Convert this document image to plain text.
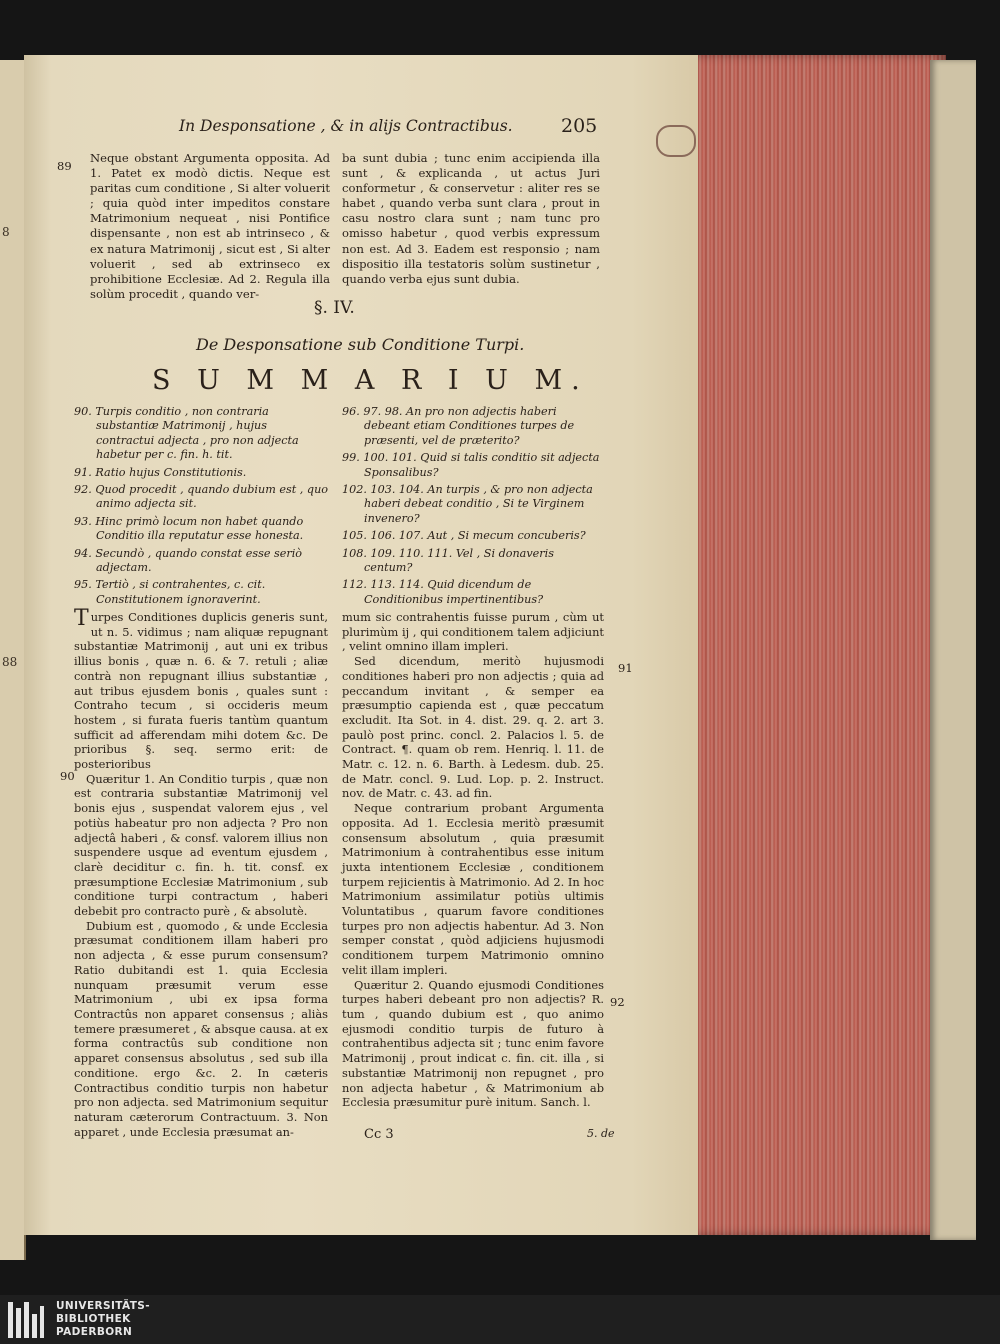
8
88
In Desponsatione , & in alijs Contractibus.	205
89

Neque obstant Argumenta opposita. Ad 1. Patet ex modò dictis. Neque est paritas cum conditione , Si alter voluerit ; quia quòd inter impeditos constare Matrimonium nequeat , nisi Pontifice dispensante , non est ab intrinseco , & ex natura Matrimonij , sicut est , Si alter voluerit , sed ab extrinseco ex prohibitione Ecclesiæ. Ad 2. Regula illa solùm procedit , quando ver-

ba sunt dubia ; tunc enim accipienda illa sunt , & explicanda , ut actus Juri conformetur , & conservetur : aliter res se habet , quando verba sunt clara , prout in casu nostro clara sunt ; nam tunc pro omisso habetur , quod verbis expressum non est. Ad 3. Eadem est responsio ; nam dispositio illa testatoris solùm sustinetur , quando verba ejus sunt dubia.

§. IV.
De Desponsatione sub Conditione Turpi.
S U M M A R I U M.
90. Turpis conditio , non contraria substantiæ Matrimonij , hujus contractui adjecta , pro non adjecta habetur per c. fin. h. tit.
91. Ratio hujus Constitutionis.
92. Quod procedit , quando dubium est , quo animo adjecta sit.
93. Hinc primò locum non habet quando Conditio illa reputatur esse honesta.
94. Secundò , quando constat esse seriò adjectam.
95. Tertiò , si contrahentes, c. cit. Constitutionem ignoraverint.
96. 97. 98. An pro non adjectis haberi debeant etiam Conditiones turpes de præsenti, vel de præterito?
99. 100. 101. Quid si talis conditio sit adjecta Sponsalibus?
102. 103. 104. An turpis , & pro non adjecta haberi debeat conditio , Si te Virginem invenero?
105. 106. 107. Aut , Si mecum concuberis?
108. 109. 110. 111. Vel , Si donaveris centum?
112. 113. 114. Quid dicendum de Conditionibus impertinentibus?
90

Turpes Conditiones duplicis generis sunt, ut n. 5. vidimus ; nam aliquæ repugnant substantiæ Matrimonij , aut uni ex tribus illius bonis , quæ n. 6. & 7. retuli ; aliæ contrà non repugnant illius substantiæ , aut tribus ejusdem bonis , quales sunt : Contraho tecum , si occideris meum hostem , si furata fueris tantùm quantum sufficit ad afferendam mihi dotem &c. De prioribus §. seq. sermo erit: de posterioribus

Quæritur 1. An Conditio turpis , quæ non est contraria substantiæ Matrimonij vel bonis ejus , suspendat valorem ejus , vel potiùs habeatur pro non adjecta ? Pro non adjectâ haberi , & consf. valorem illius non suspendere usque ad eventum ejusdem , clarè deciditur c. fin. h. tit. consf. ex præsumptione Ecclesiæ Matrimonium , sub conditione turpi contractum , haberi debebit pro contracto purè , & absolutè.

Dubium est , quomodo , & unde Ecclesia præsumat conditionem illam haberi pro non adjecta , & esse purum consensum? Ratio dubitandi est 1. quia Ecclesia nunquam præsumit verum esse Matrimonium , ubi ex ipsa forma Contractûs non apparet consensus ; aliàs temere præsumeret , & absque causa. at ex forma contractûs sub conditione non apparet consensus absolutus , sed sub illa conditione. ergo &c. 2. In cæteris Contractibus conditio turpis non habetur pro non adjecta. sed Matrimonium sequitur naturam cæterorum Contractuum. 3. Non apparet , unde Ecclesia præsumat an-

91
92

mum sic contrahentis fuisse purum , cùm ut plurimùm ij , qui conditionem talem adjiciunt , velint omnino illam impleri.

Sed dicendum, meritò hujusmodi conditiones haberi pro non adjectis ; quia ad peccandum invitant , & semper ea præsumptio capienda est , quæ peccatum excludit. Ita Sot. in 4. dist. 29. q. 2. art 3. paulò post princ. concl. 2. Palacios l. 5. de Contract. ¶. quam ob rem. Henriq. l. 11. de Matr. c. 12. n. 6. Barth. à Ledesm. dub. 25. de Matr. concl. 9. Lud. Lop. p. 2. Instruct. nov. de Matr. c. 43. ad fin.

Neque contrarium probant Argumenta opposita. Ad 1. Ecclesia meritò præsumit consensum absolutum , quia præsumit Matrimonium à contrahentibus esse initum juxta intentionem Ecclesiæ , conditionem turpem rejicientis à Matrimonio. Ad 2. In hoc Matrimonium assimilatur potiùs ultimis Voluntatibus , quarum favore conditiones turpes pro non adjectis habentur. Ad 3. Non semper constat , quòd adjiciens hujusmodi conditionem turpem Matrimonio omnino velit illam impleri.

Quæritur 2. Quando ejusmodi Conditiones turpes haberi debeant pro non adjectis? R. tum , quando dubium est , quo animo ejusmodi conditio turpis de futuro à contrahentibus adjecta sit ; tunc enim favore Matrimonij , prout indicat c. fin. cit. illa , si substantiæ Matrimonij non repugnet , pro non adjecta habetur , & Matrimonium ab Ecclesia præsumitur purè initum. Sanch. l.

Cc 3	5. de
UNIVERSITÄTS-
BIBLIOTHEK
PADERBORN
